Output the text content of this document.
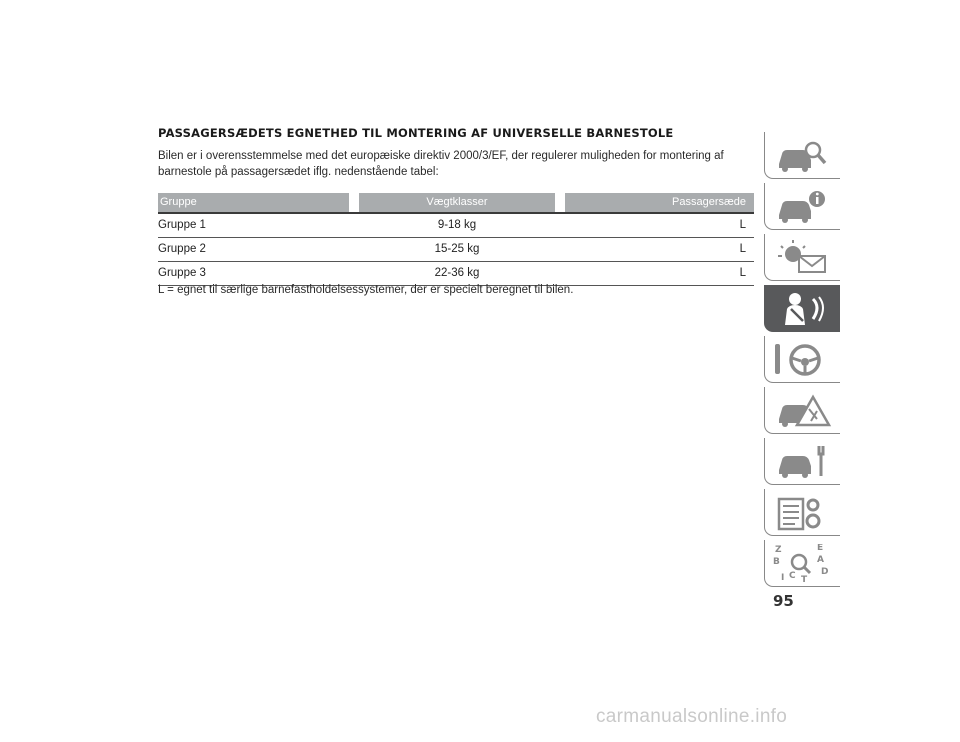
PASSAGERSÆDETS EGNETHED TIL MONTERING AF UNIVERSELLE BARNESTOLE
Bilen er i overensstemmelse med det europæiske direktiv 2000/3/EF, der regulerer muligheden for montering af barnestole på passagersædet iflg. nedenstående tabel:
Gruppe	Vægtklasser	Passagersæde
Gruppe 1	9-18 kg	L
Gruppe 2	15-25 kg	L
Gruppe 3	22-36 kg	L
L = egnet til særlige barnefastholdelsessystemer, der er specielt beregnet til bilen.
Z	E
B	A
D
C T
I
95
carmanualsonline.info
